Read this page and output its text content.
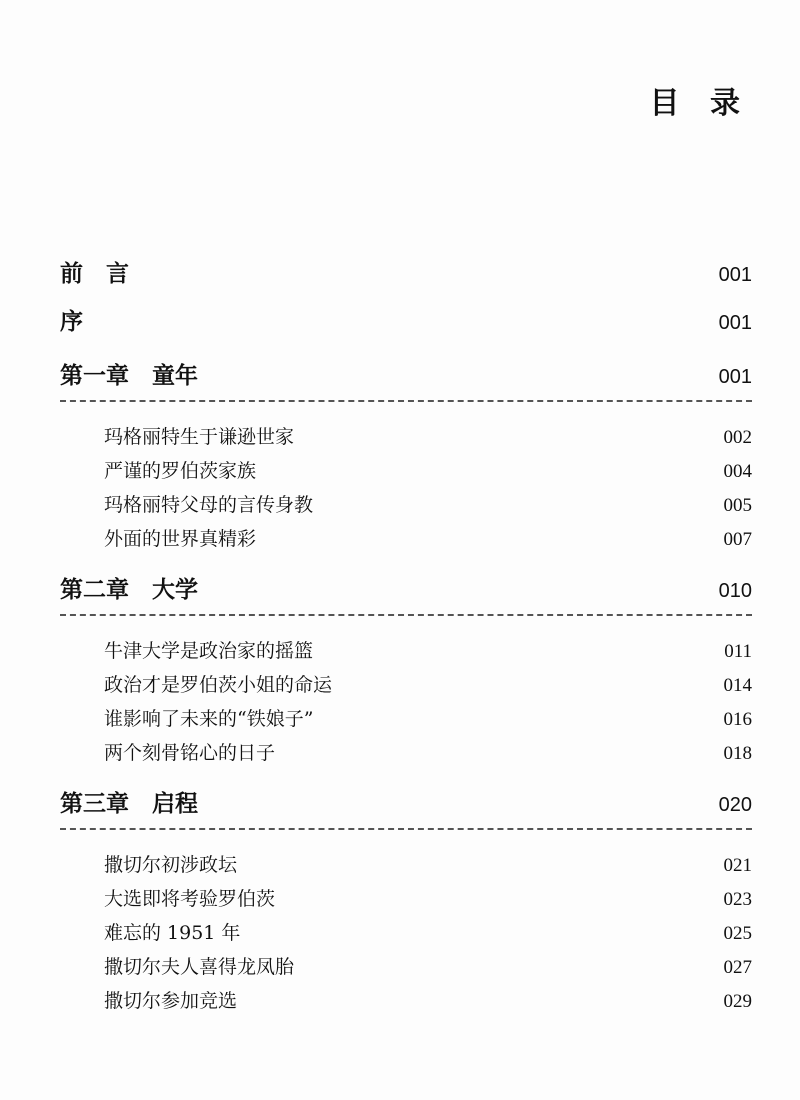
目 录
前　言	001
序	001
第一章　童年	001
玛格丽特生于谦逊世家	002
严谨的罗伯茨家族	004
玛格丽特父母的言传身教	005
外面的世界真精彩	007
第二章　大学	010
牛津大学是政治家的摇篮	011
政治才是罗伯茨小姐的命运	014
谁影响了未来的“铁娘子”	016
两个刻骨铭心的日子	018
第三章　启程	020
撒切尔初涉政坛	021
大选即将考验罗伯茨	023
难忘的 1951 年	025
撒切尔夫人喜得龙凤胎	027
撒切尔参加竞选	029
